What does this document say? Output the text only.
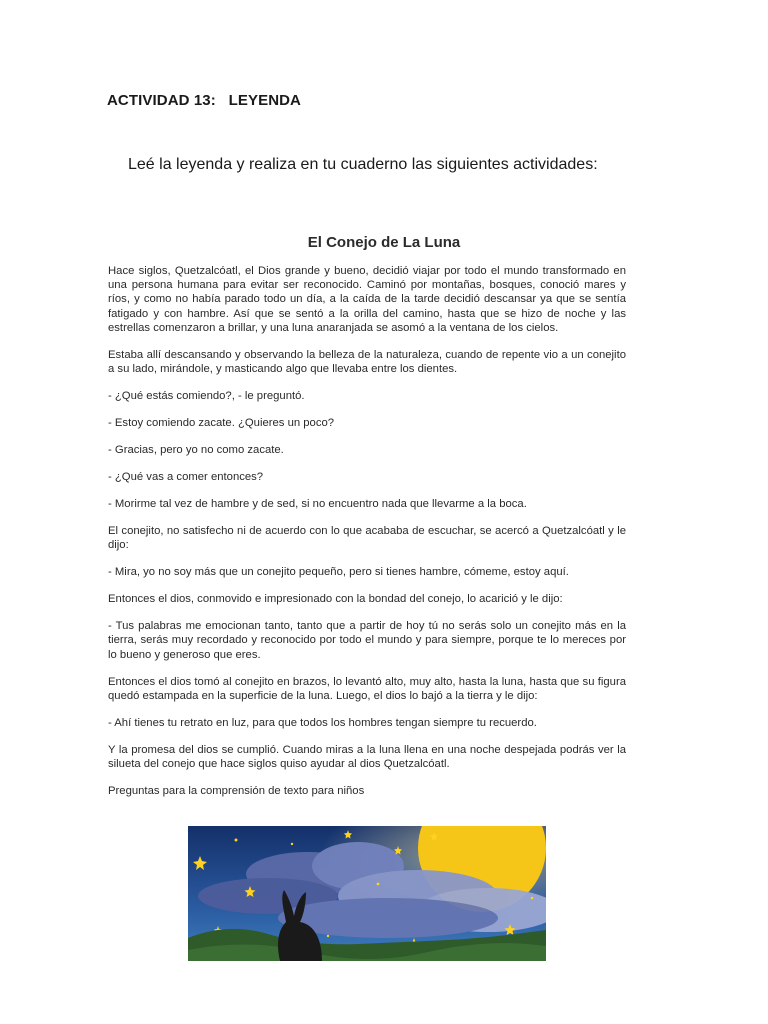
ACTIVIDAD 13:   LEYENDA
Leé la leyenda y realiza en tu cuaderno las siguientes actividades:
El Conejo de La Luna

Hace siglos, Quetzalcóatl, el Dios grande y bueno, decidió viajar por todo el mundo transformado en una persona humana para evitar ser reconocido. Caminó por montañas, bosques, conoció mares y ríos, y como no había parado todo un día, a la caída de la tarde decidió descansar ya que se sentía fatigado y con hambre. Así que se sentó a la orilla del camino, hasta que se hizo de noche y las estrellas comenzaron a brillar, y una luna anaranjada se asomó a la ventana de los cielos.

Estaba allí descansando y observando la belleza de la naturaleza, cuando de repente vio a un conejito a su lado, mirándole, y masticando algo que llevaba entre los dientes.

- ¿Qué estás comiendo?, - le preguntó.

- Estoy comiendo zacate. ¿Quieres un poco?

- Gracias, pero yo no como zacate.

- ¿Qué vas a comer entonces?

- Morirme tal vez de hambre y de sed, si no encuentro nada que llevarme a la boca.

El conejito, no satisfecho ni de acuerdo con lo que acababa de escuchar, se acercó a Quetzalcóatl y le dijo:

- Mira, yo no soy más que un conejito pequeño, pero si tienes hambre, cómeme, estoy aquí.

Entonces el dios, conmovido e impresionado con la bondad del conejo, lo acarició y le dijo:

- Tus palabras me emocionan tanto, tanto que a partir de hoy tú no serás solo un conejito más en la tierra, serás muy recordado y reconocido por todo el mundo y para siempre, porque te lo mereces por lo bueno y generoso que eres.

Entonces el dios tomó al conejito en brazos, lo levantó alto, muy alto, hasta la luna, hasta que su figura quedó estampada en la superficie de la luna. Luego, el dios lo bajó a la tierra y le dijo:

- Ahí tienes tu retrato en luz, para que todos los hombres tengan siempre tu recuerdo.

Y la promesa del dios se cumplió. Cuando miras a la luna llena en una noche despejada podrás ver la silueta del conejo que hace siglos quiso ayudar al dios Quetzalcóatl.

Preguntas para la comprensión de texto para niños
